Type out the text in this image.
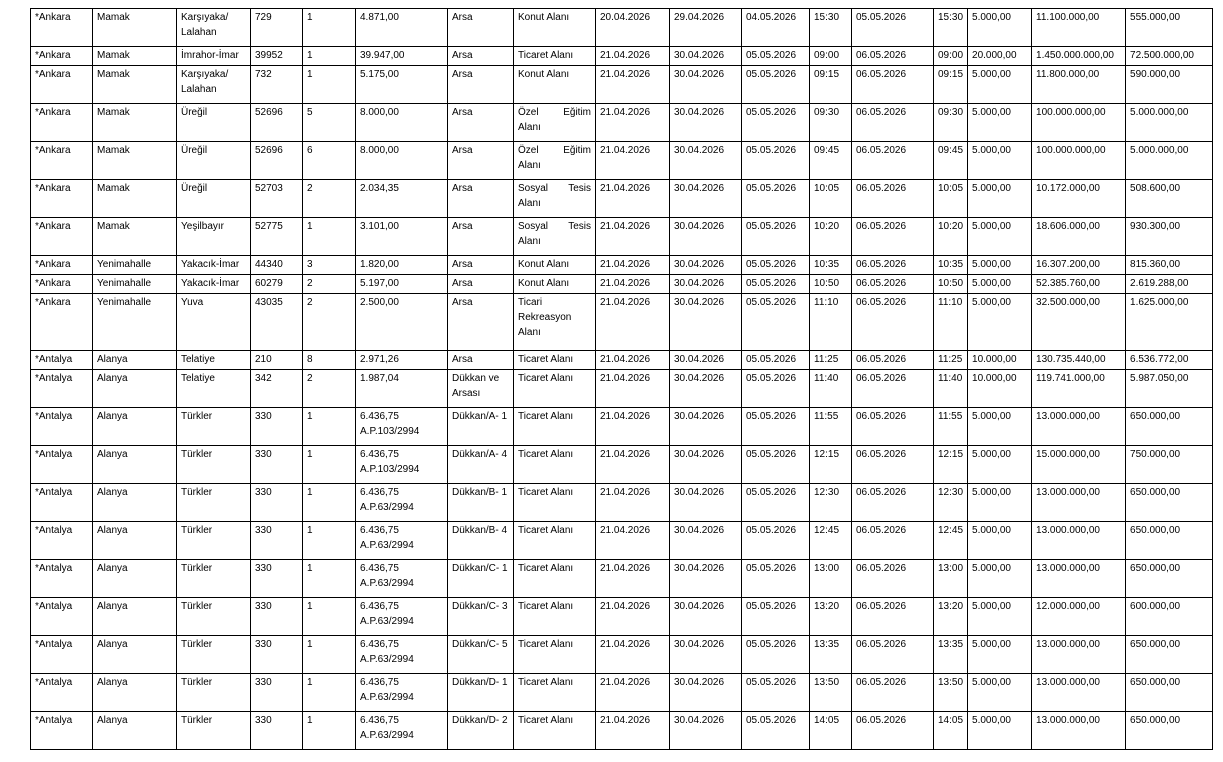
*Ankara	Mamak	Karşıyaka/ Lalahan	729	1	4.871,00	Arsa	Konut Alanı	20.04.2026	29.04.2026	04.05.2026	15:30	05.05.2026	15:30	5.000,00	11.100.000,00	555.000,00
*Ankara	Mamak	İmrahor-İmar	39952	1	39.947,00	Arsa	Ticaret Alanı	21.04.2026	30.04.2026	05.05.2026	09:00	06.05.2026	09:00	20.000,00	1.450.000.000,00	72.500.000,00
*Ankara	Mamak	Karşıyaka/ Lalahan	732	1	5.175,00	Arsa	Konut Alanı	21.04.2026	30.04.2026	05.05.2026	09:15	06.05.2026	09:15	5.000,00	11.800.000,00	590.000,00
*Ankara	Mamak	Üreğil	52696	5	8.000,00	Arsa	Özel Eğitim Alanı	21.04.2026	30.04.2026	05.05.2026	09:30	06.05.2026	09:30	5.000,00	100.000.000,00	5.000.000,00
*Ankara	Mamak	Üreğil	52696	6	8.000,00	Arsa	Özel Eğitim Alanı	21.04.2026	30.04.2026	05.05.2026	09:45	06.05.2026	09:45	5.000,00	100.000.000,00	5.000.000,00
*Ankara	Mamak	Üreğil	52703	2	2.034,35	Arsa	Sosyal Tesis Alanı	21.04.2026	30.04.2026	05.05.2026	10:05	06.05.2026	10:05	5.000,00	10.172.000,00	508.600,00
*Ankara	Mamak	Yeşilbayır	52775	1	3.101,00	Arsa	Sosyal Tesis Alanı	21.04.2026	30.04.2026	05.05.2026	10:20	06.05.2026	10:20	5.000,00	18.606.000,00	930.300,00
*Ankara	Yenimahalle	Yakacık-İmar	44340	3	1.820,00	Arsa	Konut Alanı	21.04.2026	30.04.2026	05.05.2026	10:35	06.05.2026	10:35	5.000,00	16.307.200,00	815.360,00
*Ankara	Yenimahalle	Yakacık-İmar	60279	2	5.197,00	Arsa	Konut Alanı	21.04.2026	30.04.2026	05.05.2026	10:50	06.05.2026	10:50	5.000,00	52.385.760,00	2.619.288,00
*Ankara	Yenimahalle	Yuva	43035	2	2.500,00	Arsa	Ticari Rekreasyon Alanı	21.04.2026	30.04.2026	05.05.2026	11:10	06.05.2026	11:10	5.000,00	32.500.000,00	1.625.000,00
*Antalya	Alanya	Telatiye	210	8	2.971,26	Arsa	Ticaret Alanı	21.04.2026	30.04.2026	05.05.2026	11:25	06.05.2026	11:25	10.000,00	130.735.440,00	6.536.772,00
*Antalya	Alanya	Telatiye	342	2	1.987,04	Dükkan ve Arsası	Ticaret Alanı	21.04.2026	30.04.2026	05.05.2026	11:40	06.05.2026	11:40	10.000,00	119.741.000,00	5.987.050,00
*Antalya	Alanya	Türkler	330	1	6.436,75 A.P.103/2994	Dükkan/A- 1	Ticaret Alanı	21.04.2026	30.04.2026	05.05.2026	11:55	06.05.2026	11:55	5.000,00	13.000.000,00	650.000,00
*Antalya	Alanya	Türkler	330	1	6.436,75 A.P.103/2994	Dükkan/A- 4	Ticaret Alanı	21.04.2026	30.04.2026	05.05.2026	12:15	06.05.2026	12:15	5.000,00	15.000.000,00	750.000,00
*Antalya	Alanya	Türkler	330	1	6.436,75 A.P.63/2994	Dükkan/B- 1	Ticaret Alanı	21.04.2026	30.04.2026	05.05.2026	12:30	06.05.2026	12:30	5.000,00	13.000.000,00	650.000,00
*Antalya	Alanya	Türkler	330	1	6.436,75 A.P.63/2994	Dükkan/B- 4	Ticaret Alanı	21.04.2026	30.04.2026	05.05.2026	12:45	06.05.2026	12:45	5.000,00	13.000.000,00	650.000,00
*Antalya	Alanya	Türkler	330	1	6.436,75 A.P.63/2994	Dükkan/C- 1	Ticaret Alanı	21.04.2026	30.04.2026	05.05.2026	13:00	06.05.2026	13:00	5.000,00	13.000.000,00	650.000,00
*Antalya	Alanya	Türkler	330	1	6.436,75 A.P.63/2994	Dükkan/C- 3	Ticaret Alanı	21.04.2026	30.04.2026	05.05.2026	13:20	06.05.2026	13:20	5.000,00	12.000.000,00	600.000,00
*Antalya	Alanya	Türkler	330	1	6.436,75 A.P.63/2994	Dükkan/C- 5	Ticaret Alanı	21.04.2026	30.04.2026	05.05.2026	13:35	06.05.2026	13:35	5.000,00	13.000.000,00	650.000,00
*Antalya	Alanya	Türkler	330	1	6.436,75 A.P.63/2994	Dükkan/D- 1	Ticaret Alanı	21.04.2026	30.04.2026	05.05.2026	13:50	06.05.2026	13:50	5.000,00	13.000.000,00	650.000,00
*Antalya	Alanya	Türkler	330	1	6.436,75 A.P.63/2994	Dükkan/D- 2	Ticaret Alanı	21.04.2026	30.04.2026	05.05.2026	14:05	06.05.2026	14:05	5.000,00	13.000.000,00	650.000,00
